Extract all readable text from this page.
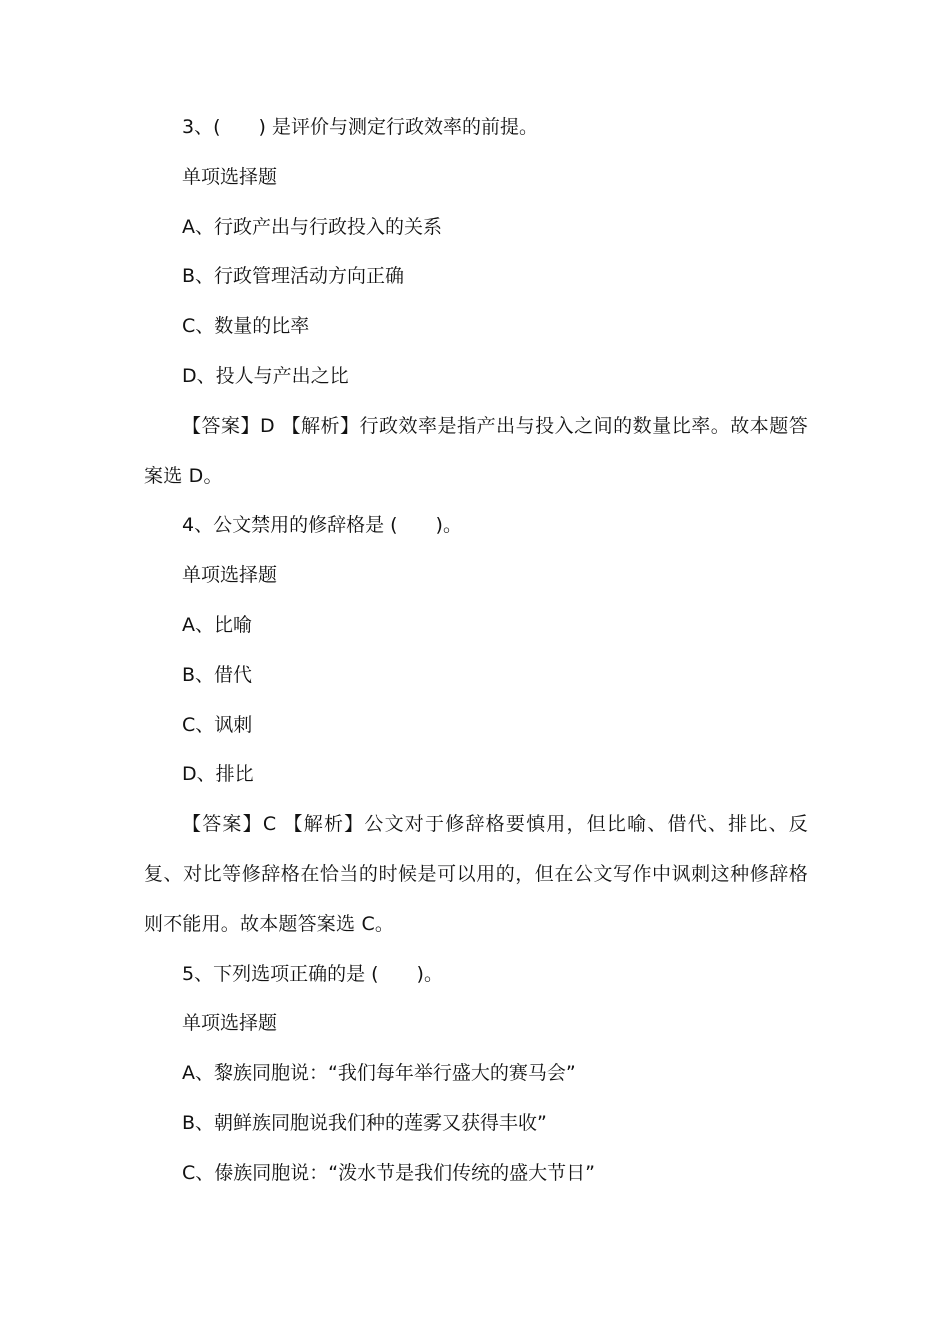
3、(　　) 是评价与测定行政效率的前提。
单项选择题
A、行政产出与行政投入的关系
B、行政管理活动方向正确
C、数量的比率
D、投人与产出之比
【答案】D 【解析】行政效率是指产出与投入之间的数量比率。故本题答案选 D。
4、公文禁用的修辞格是 (　　)。
单项选择题
A、比喻
B、借代
C、讽刺
D、排比
【答案】C 【解析】公文对于修辞格要慎用，但比喻、借代、排比、反复、对比等修辞格在恰当的时候是可以用的，但在公文写作中讽刺这种修辞格则不能用。故本题答案选 C。
5、下列选项正确的是 (　　)。
单项选择题
A、黎族同胞说：“我们每年举行盛大的赛马会”
B、朝鲜族同胞说我们种的莲雾又获得丰收”
C、傣族同胞说：“泼水节是我们传统的盛大节日”
